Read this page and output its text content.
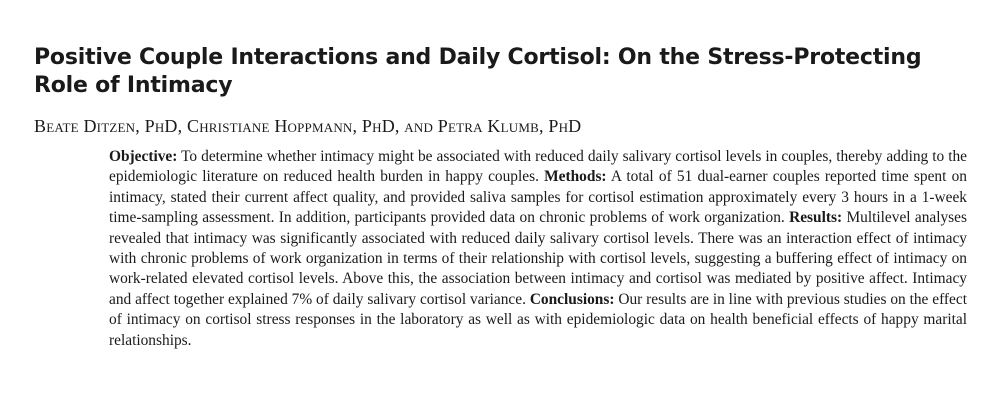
Positive Couple Interactions and Daily Cortisol: On the Stress-Protecting Role of Intimacy

Beate Ditzen, PhD, Christiane Hoppmann, PhD, and Petra Klumb, PhD

Objective: To determine whether intimacy might be associated with reduced daily salivary cortisol levels in couples, thereby adding to the epidemiologic literature on reduced health burden in happy couples. Methods: A total of 51 dual-earner couples reported time spent on intimacy, stated their current affect quality, and provided saliva samples for cortisol estimation approximately every 3 hours in a 1-week time-sampling assessment. In addition, participants provided data on chronic problems of work organization. Results: Multilevel analyses revealed that intimacy was significantly associated with reduced daily salivary cortisol levels. There was an interaction effect of intimacy with chronic problems of work organization in terms of their relationship with cortisol levels, suggesting a buffering effect of intimacy on work-related elevated cortisol levels. Above this, the association between intimacy and cortisol was mediated by positive affect. Intimacy and affect together explained 7% of daily salivary cortisol variance. Conclusions: Our results are in line with previous studies on the effect of intimacy on cortisol stress responses in the laboratory as well as with epidemiologic data on health beneficial effects of happy marital relationships.
